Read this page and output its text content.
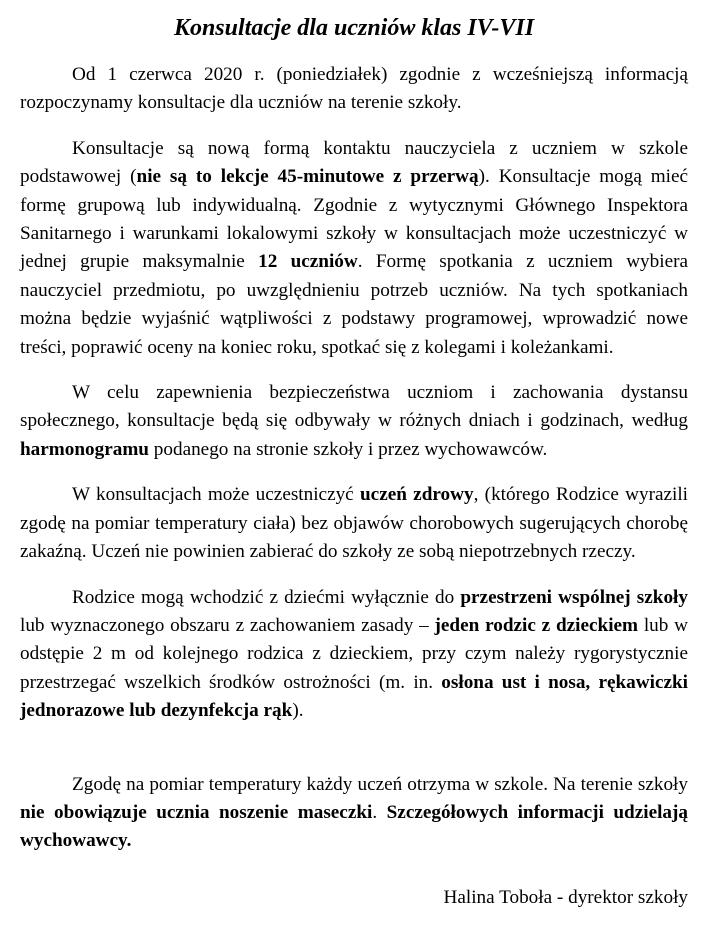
Konsultacje dla uczniów klas IV-VII

Od 1 czerwca 2020 r. (poniedziałek) zgodnie z wcześniejszą informacją rozpoczynamy konsultacje dla uczniów na terenie szkoły.

Konsultacje są nową formą kontaktu nauczyciela z uczniem w szkole podstawowej (nie są to lekcje 45-minutowe z przerwą). Konsultacje mogą mieć formę grupową lub indywidualną. Zgodnie z wytycznymi Głównego Inspektora Sanitarnego i warunkami lokalowymi szkoły w konsultacjach może uczestniczyć w jednej grupie maksymalnie 12 uczniów. Formę spotkania z uczniem wybiera nauczyciel przedmiotu, po uwzględnieniu potrzeb uczniów. Na tych spotkaniach można będzie wyjaśnić wątpliwości z podstawy programowej, wprowadzić nowe treści, poprawić oceny na koniec roku, spotkać się z kolegami i koleżankami.

W celu zapewnienia bezpieczeństwa uczniom i zachowania dystansu społecznego, konsultacje będą się odbywały w różnych dniach i godzinach, według harmonogramu podanego na stronie szkoły i przez wychowawców.

W konsultacjach może uczestniczyć uczeń zdrowy, (którego Rodzice wyrazili zgodę na pomiar temperatury ciała) bez objawów chorobowych sugerujących chorobę zakaźną. Uczeń nie powinien zabierać do szkoły ze sobą niepotrzebnych rzeczy.

Rodzice mogą wchodzić z dziećmi wyłącznie do przestrzeni wspólnej szkoły lub wyznaczonego obszaru z zachowaniem zasady – jeden rodzic z dzieckiem lub w odstępie 2 m od kolejnego rodzica z dzieckiem, przy czym należy rygorystycznie przestrzegać wszelkich środków ostrożności (m. in. osłona ust i nosa, rękawiczki jednorazowe lub dezynfekcja rąk).

Zgodę na pomiar temperatury każdy uczeń otrzyma w szkole. Na terenie szkoły nie obowiązuje ucznia noszenie maseczki. Szczegółowych informacji udzielają wychowawcy.

Halina Toboła - dyrektor szkoły
